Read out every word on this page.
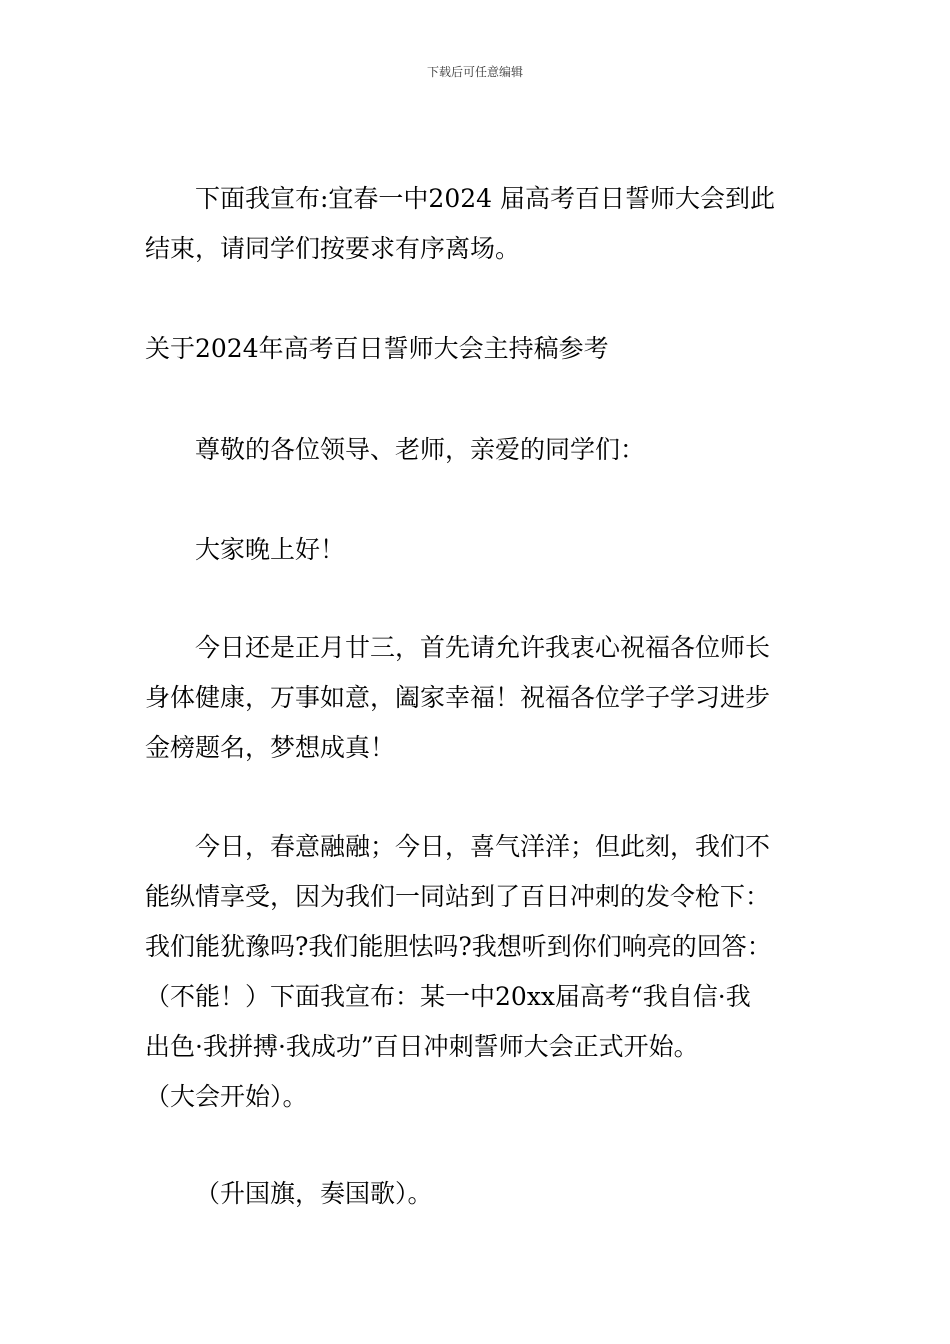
下载后可任意编辑
下面我宣布:宜春一中2024 届高考百日誓师大会到此
结束，请同学们按要求有序离场。
关于2024年高考百日誓师大会主持稿参考
尊敬的各位领导、老师，亲爱的同学们：
大家晚上好！
今日还是正月廿三，首先请允许我衷心祝福各位师长
身体健康，万事如意，阖家幸福！祝福各位学子学习进步
金榜题名，梦想成真！
今日，春意融融；今日，喜气洋洋；但此刻，我们不
能纵情享受，因为我们一同站到了百日冲刺的发令枪下：
我们能犹豫吗?我们能胆怯吗?我想听到你们响亮的回答：
（不能！）下面我宣布：某一中20xx届高考“我自信·我
出色·我拼搏·我成功”百日冲刺誓师大会正式开始。
（大会开始）。
（升国旗，奏国歌）。
